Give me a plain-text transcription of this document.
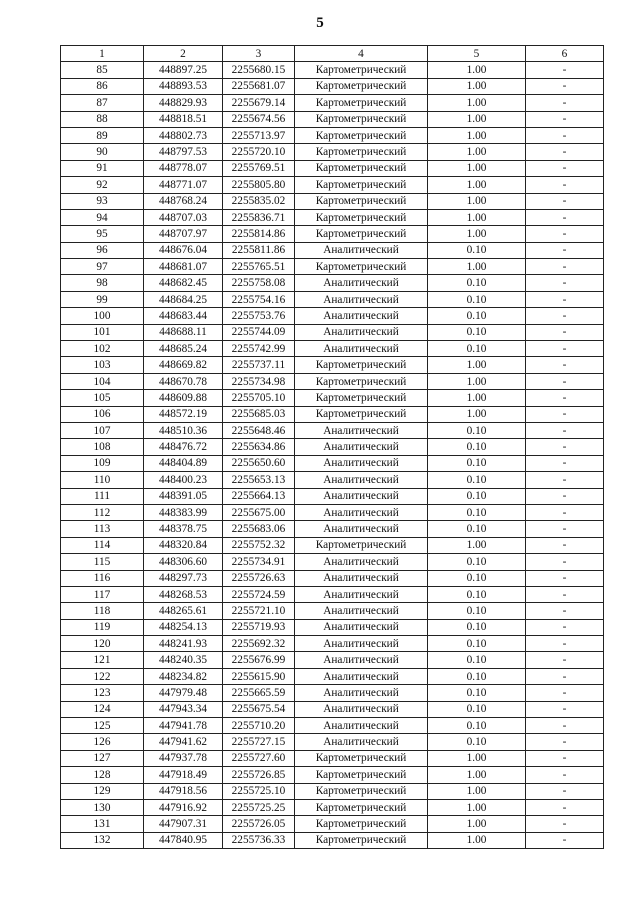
5
1	2	3	4	5	6
85	448897.25	2255680.15	Картометрический	1.00	-
86	448893.53	2255681.07	Картометрический	1.00	-
87	448829.93	2255679.14	Картометрический	1.00	-
88	448818.51	2255674.56	Картометрический	1.00	-
89	448802.73	2255713.97	Картометрический	1.00	-
90	448797.53	2255720.10	Картометрический	1.00	-
91	448778.07	2255769.51	Картометрический	1.00	-
92	448771.07	2255805.80	Картометрический	1.00	-
93	448768.24	2255835.02	Картометрический	1.00	-
94	448707.03	2255836.71	Картометрический	1.00	-
95	448707.97	2255814.86	Картометрический	1.00	-
96	448676.04	2255811.86	Аналитический	0.10	-
97	448681.07	2255765.51	Картометрический	1.00	-
98	448682.45	2255758.08	Аналитический	0.10	-
99	448684.25	2255754.16	Аналитический	0.10	-
100	448683.44	2255753.76	Аналитический	0.10	-
101	448688.11	2255744.09	Аналитический	0.10	-
102	448685.24	2255742.99	Аналитический	0.10	-
103	448669.82	2255737.11	Картометрический	1.00	-
104	448670.78	2255734.98	Картометрический	1.00	-
105	448609.88	2255705.10	Картометрический	1.00	-
106	448572.19	2255685.03	Картометрический	1.00	-
107	448510.36	2255648.46	Аналитический	0.10	-
108	448476.72	2255634.86	Аналитический	0.10	-
109	448404.89	2255650.60	Аналитический	0.10	-
110	448400.23	2255653.13	Аналитический	0.10	-
111	448391.05	2255664.13	Аналитический	0.10	-
112	448383.99	2255675.00	Аналитический	0.10	-
113	448378.75	2255683.06	Аналитический	0.10	-
114	448320.84	2255752.32	Картометрический	1.00	-
115	448306.60	2255734.91	Аналитический	0.10	-
116	448297.73	2255726.63	Аналитический	0.10	-
117	448268.53	2255724.59	Аналитический	0.10	-
118	448265.61	2255721.10	Аналитический	0.10	-
119	448254.13	2255719.93	Аналитический	0.10	-
120	448241.93	2255692.32	Аналитический	0.10	-
121	448240.35	2255676.99	Аналитический	0.10	-
122	448234.82	2255615.90	Аналитический	0.10	-
123	447979.48	2255665.59	Аналитический	0.10	-
124	447943.34	2255675.54	Аналитический	0.10	-
125	447941.78	2255710.20	Аналитический	0.10	-
126	447941.62	2255727.15	Аналитический	0.10	-
127	447937.78	2255727.60	Картометрический	1.00	-
128	447918.49	2255726.85	Картометрический	1.00	-
129	447918.56	2255725.10	Картометрический	1.00	-
130	447916.92	2255725.25	Картометрический	1.00	-
131	447907.31	2255726.05	Картометрический	1.00	-
132	447840.95	2255736.33	Картометрический	1.00	-
